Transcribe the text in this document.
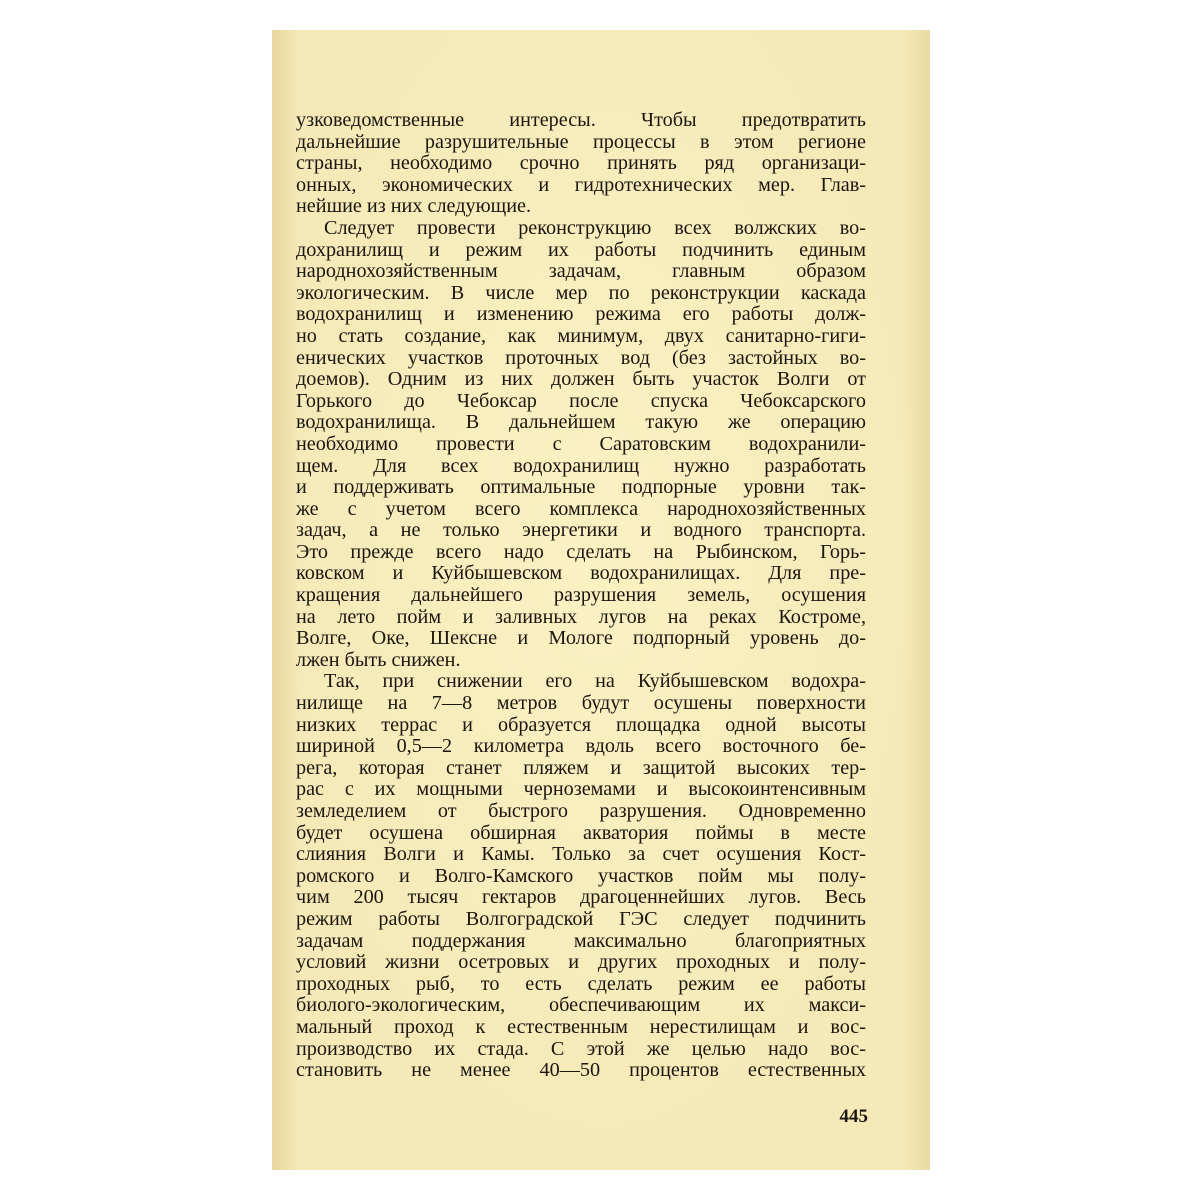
узковедомственные интересы. Чтобы предотвратить
дальнейшие разрушительные процессы в этом регионе
страны, необходимо срочно принять ряд организаци-
онных, экономических и гидротехнических мер. Глав-
нейшие из них следующие.
Следует провести реконструкцию всех волжских во-
дохранилищ и режим их работы подчинить единым
народнохозяйственным задачам, главным образом
экологическим. В числе мер по реконструкции каскада
водохранилищ и изменению режима его работы долж-
но стать создание, как минимум, двух санитарно-гиги-
енических участков проточных вод (без застойных во-
доемов). Одним из них должен быть участок Волги от
Горького до Чебоксар после спуска Чебоксарского
водохранилища. В дальнейшем такую же операцию
необходимо провести с Саратовским водохранили-
щем. Для всех водохранилищ нужно разработать
и поддерживать оптимальные подпорные уровни так-
же с учетом всего комплекса народнохозяйственных
задач, а не только энергетики и водного транспорта.
Это прежде всего надо сделать на Рыбинском, Горь-
ковском и Куйбышевском водохранилищах. Для пре-
кращения дальнейшего разрушения земель, осушения
на лето пойм и заливных лугов на реках Костроме,
Волге, Оке, Шексне и Мологе подпорный уровень до-
лжен быть снижен.
Так, при снижении его на Куйбышевском водохра-
нилище на 7—8 метров будут осушены поверхности
низких террас и образуется площадка одной высоты
шириной 0,5—2 километра вдоль всего восточного бе-
рега, которая станет пляжем и защитой высоких тер-
рас с их мощными черноземами и высокоинтенсивным
земледелием от быстрого разрушения. Одновременно
будет осушена обширная акватория поймы в месте
слияния Волги и Камы. Только за счет осушения Кост-
ромского и Волго-Камского участков пойм мы полу-
чим 200 тысяч гектаров драгоценнейших лугов. Весь
режим работы Волгоградской ГЭС следует подчинить
задачам поддержания максимально благоприятных
условий жизни осетровых и других проходных и полу-
проходных рыб, то есть сделать режим ее работы
биолого-экологическим, обеспечивающим их макси-
мальный проход к естественным нерестилищам и вос-
производство их стада. С этой же целью надо вос-
становить не менее 40—50 процентов естественных
445
